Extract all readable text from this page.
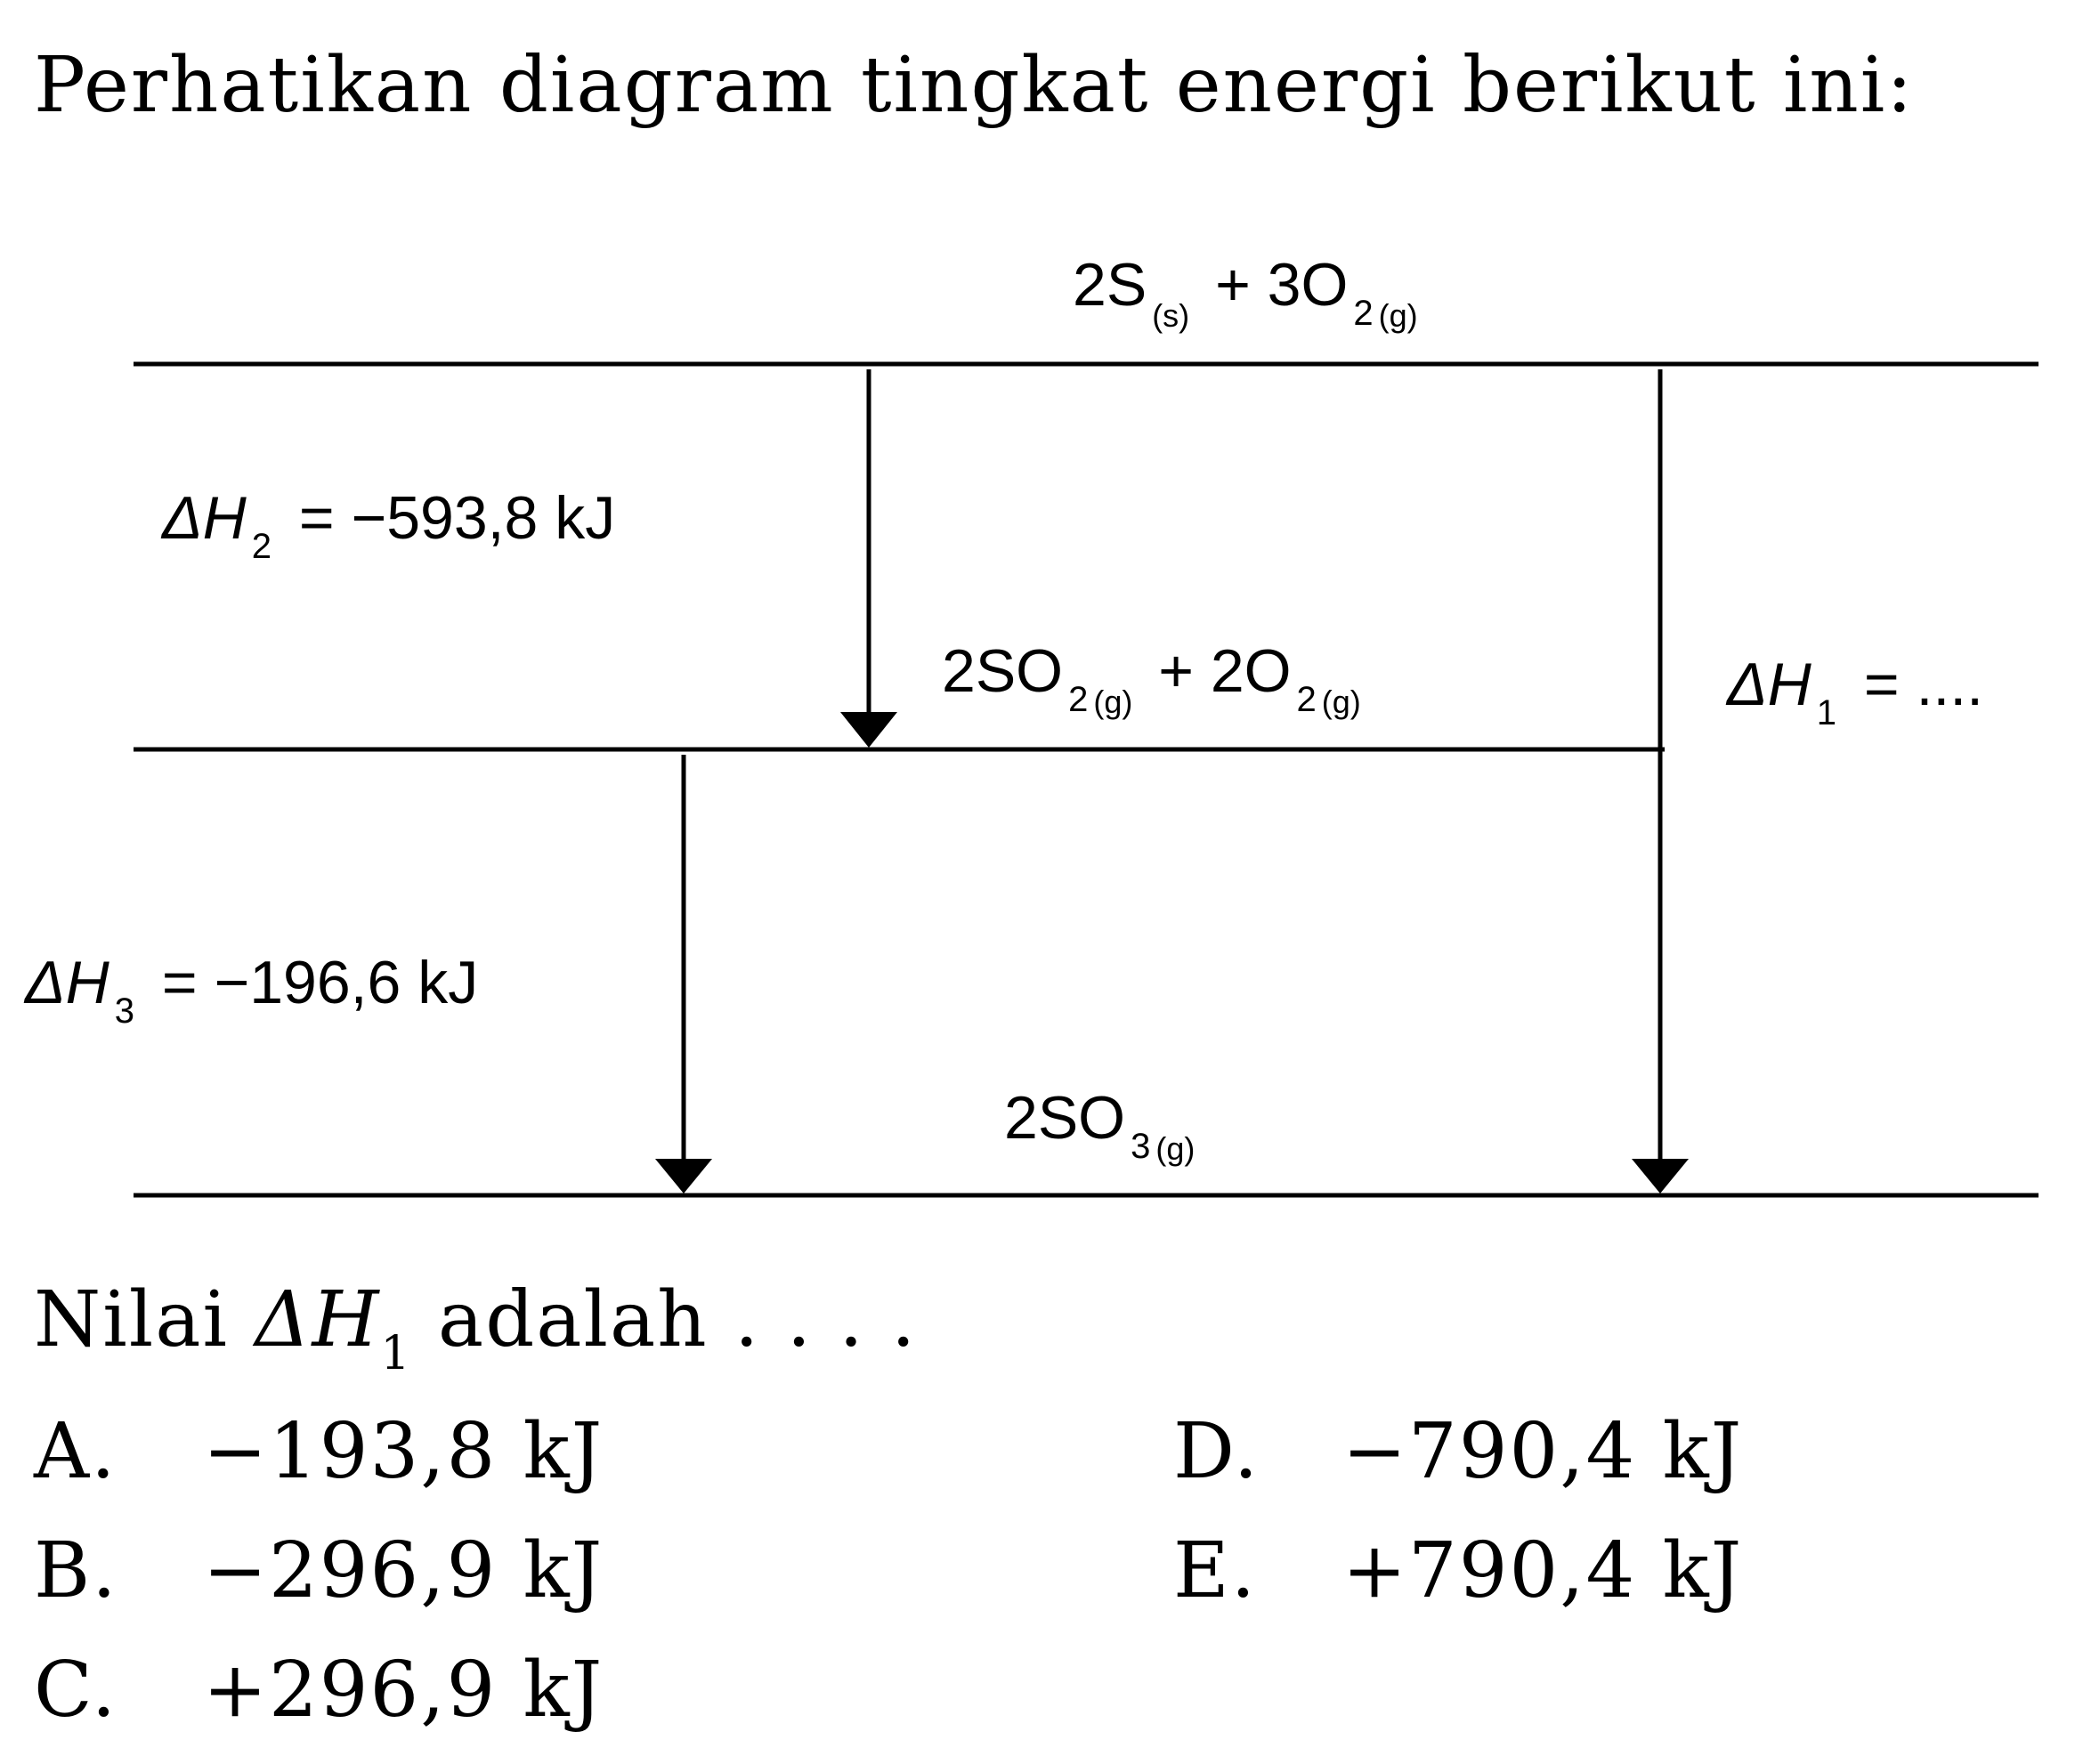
Perhatikan diagram tingkat energi berikut ini:
2S $_{(s)}$ + 3O $_2$ $_{(g)}$
2SO $_2$ $_{(g)}$ + 2O $_2$ $_{(g)}$
2SO $_3$ $_{(g)}$
ΔH $_2$ = −593,8 kJ
ΔH $_3$ = −196,6 kJ
ΔH $_1$ = ....
Nilai $\Delta H_1$ adalah . . . .
A. −193,8 kJ
B. −296,9 kJ
C. +296,9 kJ
D. −790,4 kJ
E. +790,4 kJ
